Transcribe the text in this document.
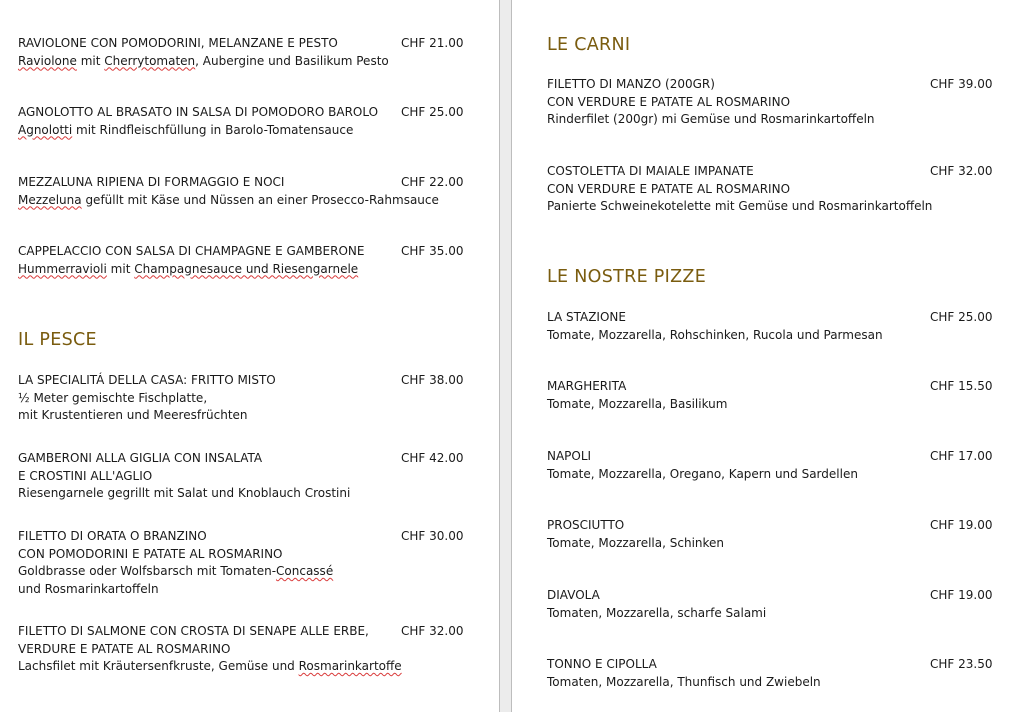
RAVIOLONE CON POMODORINI, MELANZANE E PESTO
Raviolone mit Cherrytomaten, Aubergine und Basilikum Pesto
CHF 21.00
AGNOLOTTO AL BRASATO IN SALSA DI POMODORO BAROLO
Agnolotti mit Rindfleischfüllung in Barolo-Tomatensauce
CHF 25.00
MEZZALUNA RIPIENA DI FORMAGGIO E NOCI
Mezzeluna gefüllt mit Käse und Nüssen an einer Prosecco-Rahmsauce
CHF 22.00
CAPPELACCIO CON SALSA DI CHAMPAGNE E GAMBERONE
Hummerravioli mit Champagnesauce und Riesengarnele
CHF 35.00
IL PESCE
LA SPECIALITÁ DELLA CASA: FRITTO MISTO
½ Meter gemischte Fischplatte,
mit Krustentieren und Meeresfrüchten
CHF 38.00
GAMBERONI ALLA GIGLIA CON INSALATA
E CROSTINI ALL'AGLIO
Riesengarnele gegrillt mit Salat und Knoblauch Crostini
CHF 42.00
FILETTO DI ORATA O BRANZINO
CON POMODORINI E PATATE AL ROSMARINO
Goldbrasse oder Wolfsbarsch mit Tomaten-Concassé
und Rosmarinkartoffeln
CHF 30.00
FILETTO DI SALMONE CON CROSTA DI SENAPE ALLE ERBE,
VERDURE E PATATE AL ROSMARINO
Lachsfilet mit Kräutersenfkruste, Gemüse und Rosmarinkartoffe
CHF 32.00
LE CARNI
FILETTO DI MANZO (200GR)
CON VERDURE E PATATE AL ROSMARINO
Rinderfilet (200gr) mi Gemüse und Rosmarinkartoffeln
CHF 39.00
COSTOLETTA DI MAIALE IMPANATE
CON VERDURE E PATATE AL ROSMARINO
Panierte Schweinekotelette mit Gemüse und Rosmarinkartoffeln
CHF 32.00
LE NOSTRE PIZZE
LA STAZIONE
Tomate, Mozzarella, Rohschinken, Rucola und Parmesan
CHF 25.00
MARGHERITA
Tomate, Mozzarella, Basilikum
CHF 15.50
NAPOLI
Tomate, Mozzarella, Oregano, Kapern und Sardellen
CHF 17.00
PROSCIUTTO
Tomate, Mozzarella, Schinken
CHF 19.00
DIAVOLA
Tomaten, Mozzarella, scharfe Salami
CHF 19.00
TONNO E CIPOLLA
Tomaten, Mozzarella, Thunfisch und Zwiebeln
CHF 23.50
